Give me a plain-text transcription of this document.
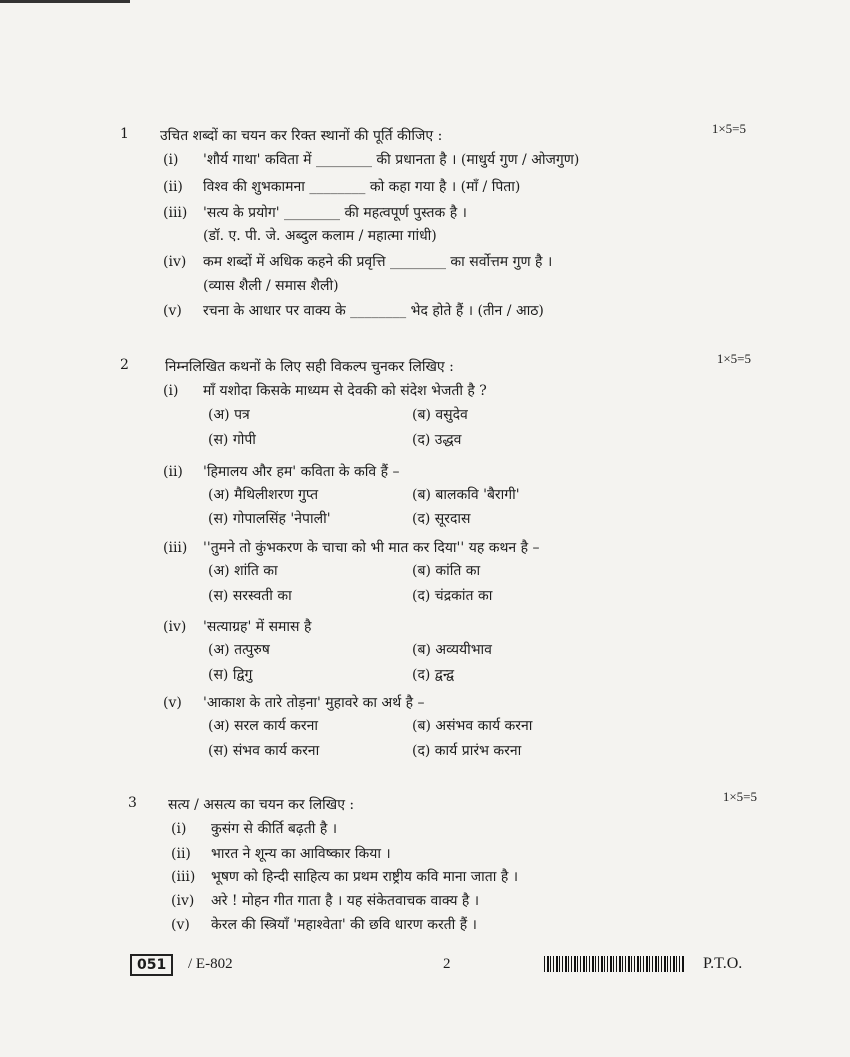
1 उचित शब्दों का चयन कर रिक्त स्थानों की पूर्ति कीजिए :	1×5=5
(i) 'शौर्य गाथा' कविता में ________ की प्रधानता है । (माधुर्य गुण / ओजगुण)
(ii) विश्व की शुभकामना ________ को कहा गया है । (माँ / पिता)
(iii) 'सत्य के प्रयोग' ________ की महत्वपूर्ण पुस्तक है ।
(डॉ. ए. पी. जे. अब्दुल कलाम / महात्मा गांधी)
(iv) कम शब्दों में अधिक कहने की प्रवृत्ति ________ का सर्वोत्तम गुण है ।
(व्यास शैली / समास शैली)
(v) रचना के आधार पर वाक्य के ________ भेद होते हैं । (तीन / आठ)
2	निम्नलिखित कथनों के लिए सही विकल्प चुनकर लिखिए :
1×5=5
(i) माँ यशोदा किसके माध्यम से देवकी को संदेश भेजती है ?
(अ) पत्र	(ब) वसुदेव
(स) गोपी	(द) उद्धव
(ii) 'हिमालय और हम' कविता के कवि हैं –
(अ) मैथिलीशरण गुप्त	(ब) बालकवि 'बैरागी'
(स) गोपालसिंह 'नेपाली'	(द) सूरदास
(iii) ''तुमने तो कुंभकरण के चाचा को भी मात कर दिया'' यह कथन है –
(अ) शांति का	(ब) कांति का
(स) सरस्वती का	(द) चंद्रकांत का
(iv) 'सत्याग्रह' में समास है
(अ) तत्पुरुष	(ब) अव्ययीभाव
(स) द्विगु	(द) द्वन्द्व
(v) 'आकाश के तारे तोड़ना' मुहावरे का अर्थ है –
(अ) सरल कार्य करना	(ब) असंभव कार्य करना
(स) संभव कार्य करना	(द) कार्य प्रारंभ करना
3 सत्य / असत्य का चयन कर लिखिए :
1×5=5
(i) कुसंग से कीर्ति बढ़ती है ।
(ii) भारत ने शून्य का आविष्कार किया ।
(iii) भूषण को हिन्दी साहित्य का प्रथम राष्ट्रीय कवि माना जाता है ।
(iv) अरे ! मोहन गीत गाता है । यह संकेतवाचक वाक्य है ।
(v) केरल की स्त्रियाँ 'महाश्वेता' की छवि धारण करती हैं ।
051	/ E-802	2	P.T.O.
